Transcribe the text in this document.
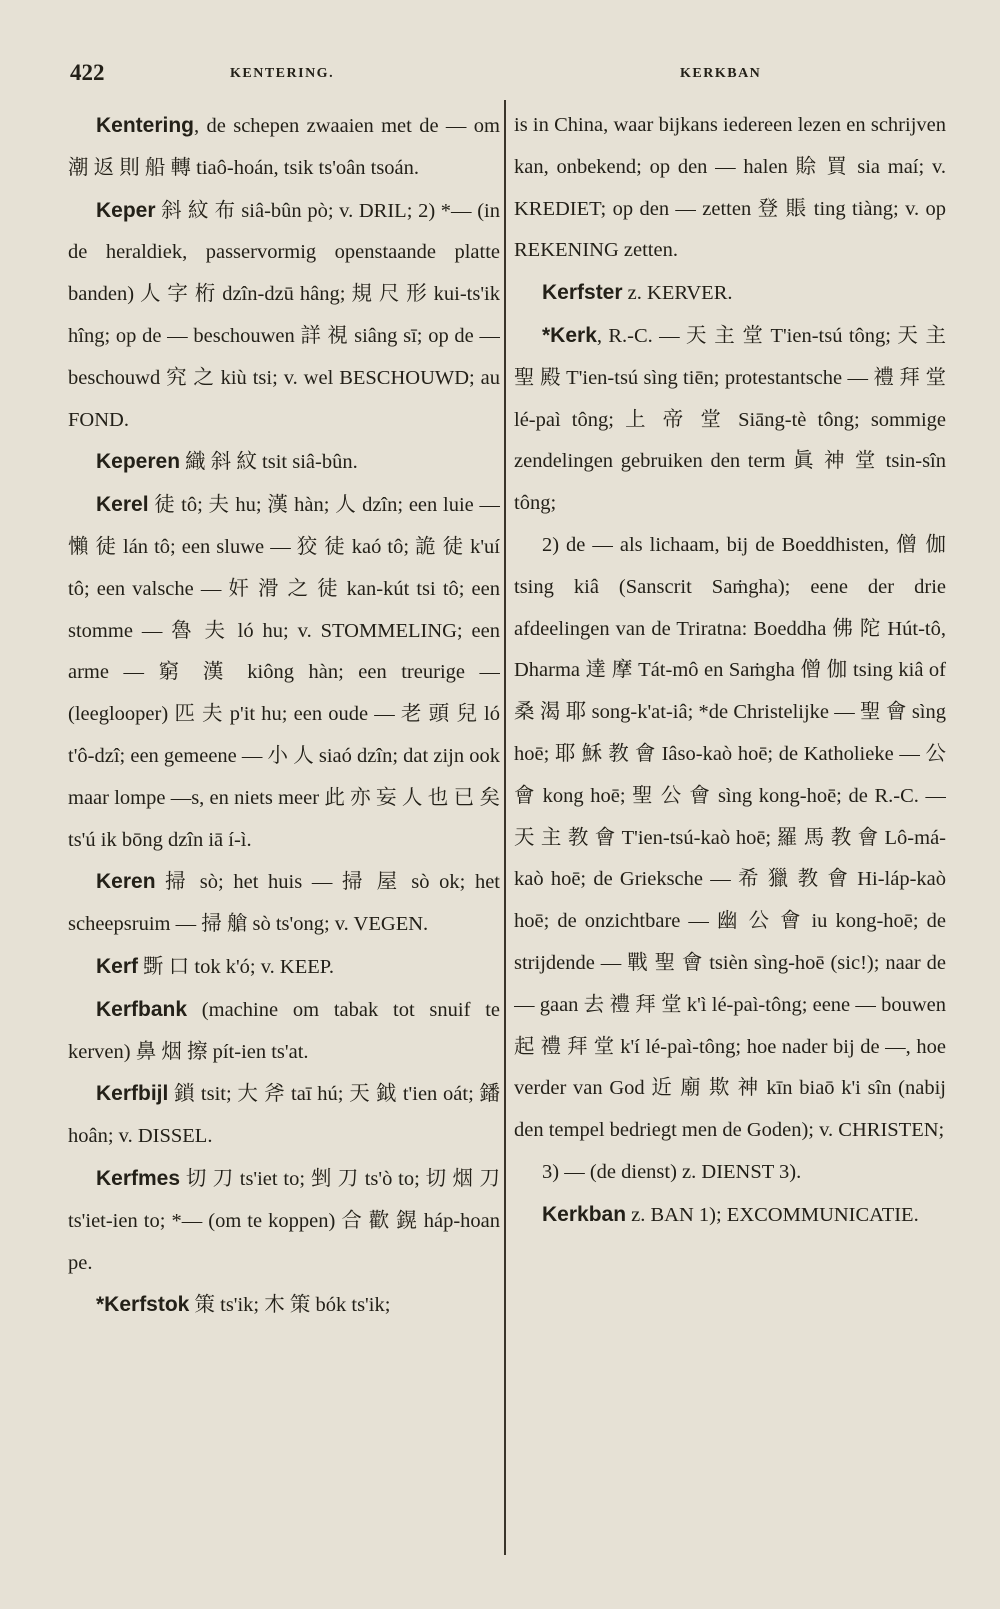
422	KENTERING.	KERKBAN

Kentering, de schepen zwaaien met de — om 潮 返 則 船 轉 tiaô-hoán, tsik ts'oân tsoán.

Keper 斜 紋 布 siâ-bûn pò; v. DRIL; 2) *— (in de heraldiek, passervormig openstaande platte banden) 人 字 桁 dzîn-dzū hâng; 規 尺 形 kui-ts'ik hîng; op de — beschouwen 詳 視 siâng sī; op de — beschouwd 究 之 kiù tsi; v. wel BESCHOUWD; au FOND.

Keperen 織 斜 紋 tsit siâ-bûn.

Kerel 徒 tô; 夫 hu; 漢 hàn; 人 dzîn; een luie — 懶 徒 lán tô; een sluwe — 狡 徒 kaó tô; 詭 徒 k'uí tô; een valsche — 奸 滑 之 徒 kan-kút tsi tô; een stomme — 魯 夫 ló hu; v. STOMMELING; een arme — 窮 漢 kiông hàn; een treurige — (leeglooper) 匹 夫 p'it hu; een oude — 老 頭 兒 ló t'ô-dzî; een gemeene — 小 人 siaó dzîn; dat zijn ook maar lompe —s, en niets meer 此 亦 妄 人 也 已 矣 ts'ú ik bōng dzîn iā í-ì.

Keren 掃 sò; het huis — 掃 屋 sò ok; het scheepsruim — 掃 艙 sò ts'ong; v. VEGEN.

Kerf 斲 口 tok k'ó; v. KEEP.

Kerfbank (machine om tabak tot snuif te kerven) 鼻 烟 擦 pít-ien ts'at.

Kerfbijl 鎖 tsit; 大 斧 taī hú; 天 鉞 t'ien oát; 鐇 hoân; v. DISSEL.

Kerfmes 切 刀 ts'iet to; 剉 刀 ts'ò to; 切 烟 刀 ts'iet-ien to; *— (om te koppen) 合 歡 鎤 háp-hoan pe.

*Kerfstok 策 ts'ik; 木 策 bók ts'ik;

is in China, waar bijkans iedereen lezen en schrijven kan, onbekend; op den — halen 賒 買 sia maí; v. KREDIET; op den — zetten 登 賬 ting tiàng; v. op REKENING zetten.

Kerfster z. KERVER.

*Kerk, R.-C. — 天 主 堂 T'ien-tsú tông; 天 主 聖 殿 T'ien-tsú sìng tiēn; protestantsche — 禮 拜 堂 lé-paì tông; 上 帝 堂 Siāng-tè tông; sommige zendelingen gebruiken den term 眞 神 堂 tsin-sîn tông;

2) de — als lichaam, bij de Boeddhisten, 僧 伽 tsing kiâ (Sanscrit Saṁgha); eene der drie afdeelingen van de Triratna: Boeddha 佛 陀 Hút-tô, Dharma 達 摩 Tát-mô en Saṁgha 僧 伽 tsing kiâ of 桑 渴 耶 song-k'at-iâ; *de Christelijke — 聖 會 sìng hoē; 耶 穌 教 會 Iâso-kaò hoē; de Katholieke — 公 會 kong hoē; 聖 公 會 sìng kong-hoē; de R.-C. — 天 主 教 會 T'ien-tsú-kaò hoē; 羅 馬 教 會 Lô-má-kaò hoē; de Grieksche — 希 獵 教 會 Hi-láp-kaò hoē; de onzichtbare — 幽 公 會 iu kong-hoē; de strijdende — 戰 聖 會 tsièn sìng-hoē (sic!); naar de — gaan 去 禮 拜 堂 k'ì lé-paì-tông; eene — bouwen 起 禮 拜 堂 k'í lé-paì-tông; hoe nader bij de —, hoe verder van God 近 廟 欺 神 kīn biaō k'i sîn (nabij den tempel bedriegt men de Goden); v. CHRISTEN;

3) — (de dienst) z. DIENST 3).

Kerkban z. BAN 1); EXCOMMUNICATIE.
